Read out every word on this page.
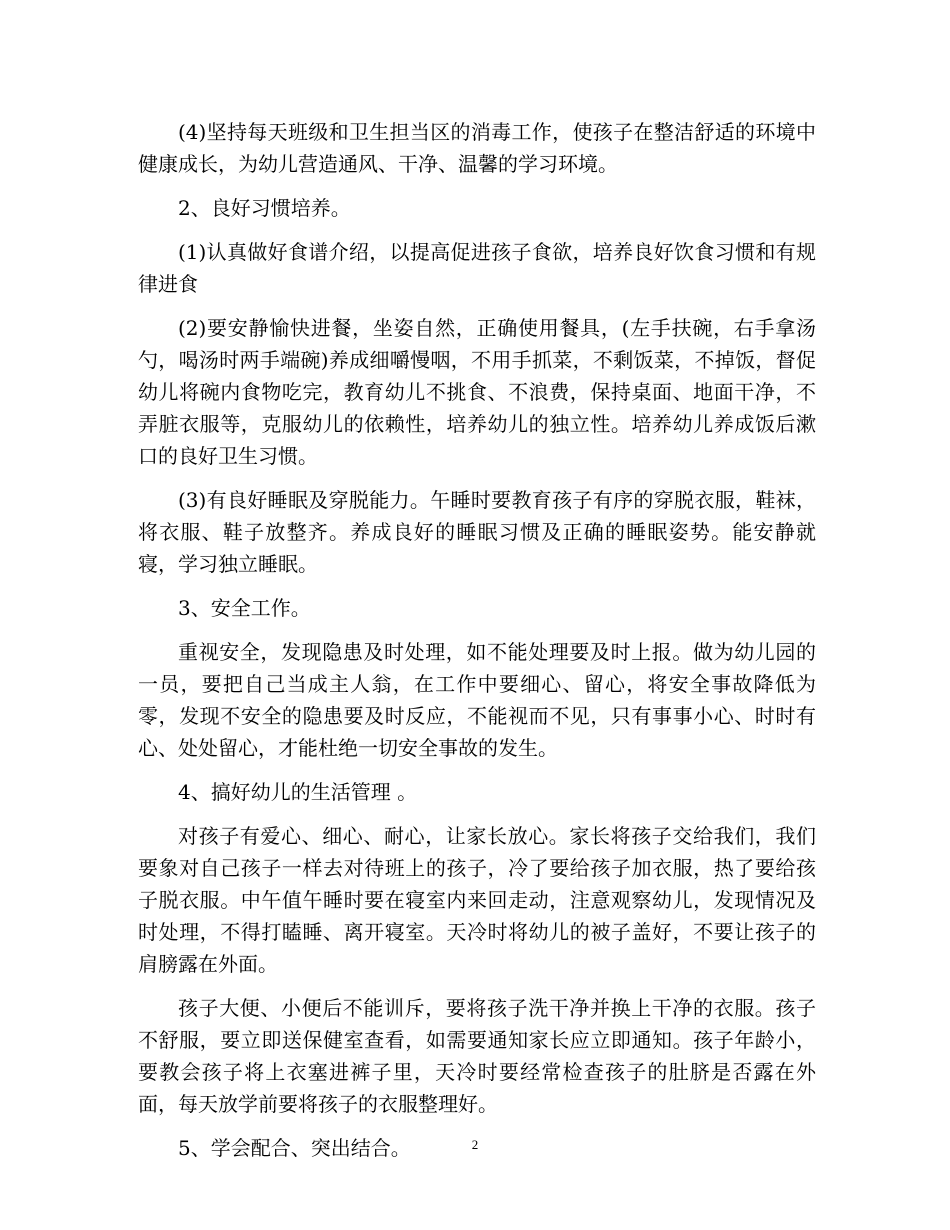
(4)坚持每天班级和卫生担当区的消毒工作，使孩子在整洁舒适的环境中健康成长，为幼儿营造通风、干净、温馨的学习环境。

2、良好习惯培养。

(1)认真做好食谱介绍，以提高促进孩子食欲，培养良好饮食习惯和有规律进食

(2)要安静愉快进餐，坐姿自然，正确使用餐具，(左手扶碗，右手拿汤勺，喝汤时两手端碗)养成细嚼慢咽，不用手抓菜，不剩饭菜，不掉饭，督促幼儿将碗内食物吃完，教育幼儿不挑食、不浪费，保持桌面、地面干净，不弄脏衣服等，克服幼儿的依赖性，培养幼儿的独立性。培养幼儿养成饭后漱口的良好卫生习惯。

(3)有良好睡眠及穿脱能力。午睡时要教育孩子有序的穿脱衣服，鞋袜，将衣服、鞋子放整齐。养成良好的睡眠习惯及正确的睡眠姿势。能安静就寝，学习独立睡眠。

3、安全工作。

重视安全，发现隐患及时处理，如不能处理要及时上报。做为幼儿园的一员，要把自己当成主人翁，在工作中要细心、留心，将安全事故降低为零，发现不安全的隐患要及时反应，不能视而不见，只有事事小心、时时有心、处处留心，才能杜绝一切安全事故的发生。

4、搞好幼儿的生活管理 。

对孩子有爱心、细心、耐心，让家长放心。家长将孩子交给我们，我们要象对自己孩子一样去对待班上的孩子，冷了要给孩子加衣服，热了要给孩子脱衣服。中午值午睡时要在寝室内来回走动，注意观察幼儿，发现情况及时处理，不得打瞌睡、离开寝室。天冷时将幼儿的被子盖好，不要让孩子的肩膀露在外面。

孩子大便、小便后不能训斥，要将孩子洗干净并换上干净的衣服。孩子不舒服，要立即送保健室查看，如需要通知家长应立即通知。孩子年龄小，要教会孩子将上衣塞进裤子里，天冷时要经常检查孩子的肚脐是否露在外面，每天放学前要将孩子的衣服整理好。

5、学会配合、突出结合。	2
